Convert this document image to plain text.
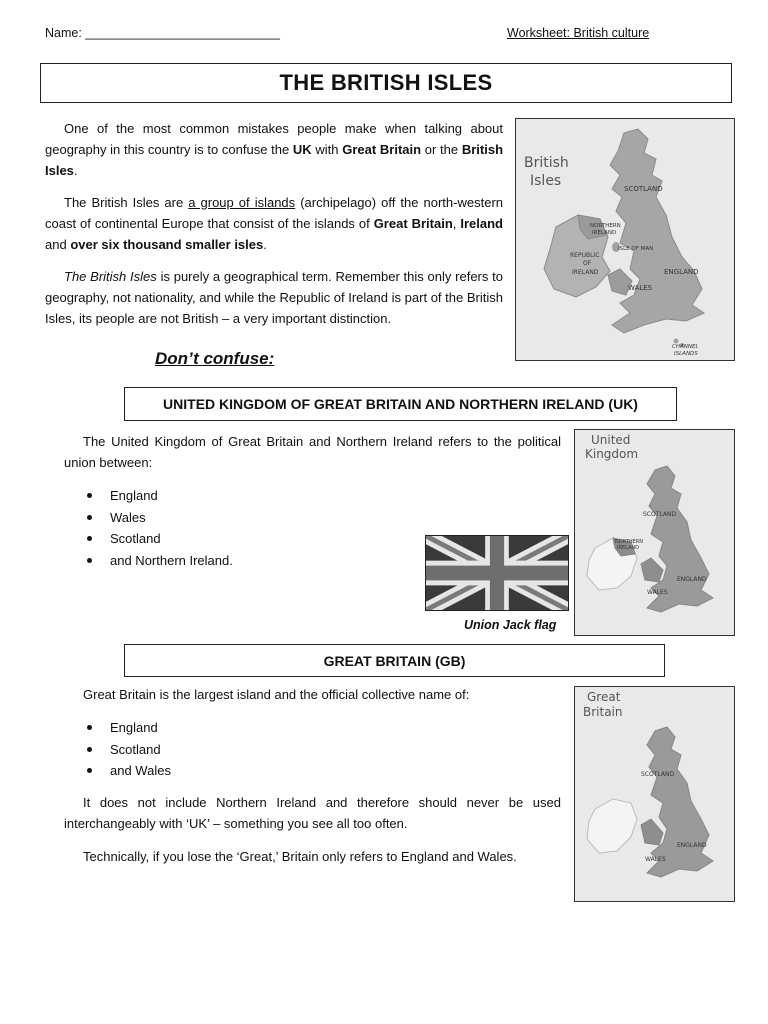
Name: ____________________________	Worksheet: British culture
THE BRITISH ISLES

One of the most common mistakes people make when talking about geography in this country is to confuse the UK with Great Britain or the British Isles.

The British Isles are a group of islands (archipelago) off the north-western coast of continental Europe that consist of the islands of Great Britain, Ireland and over six thousand smaller isles.

The British Isles is purely a geographical term. Remember this only refers to geography, not nationality, and while the Republic of Ireland is part of the British Isles, its people are not British – a very important distinction.

Don’t confuse:
British
Isles	SCOTLAND
NORTHERN
IRELAND
ISLE OF MAN
REPUBLIC
OF
IRELAND	ENGLAND
WALES
CHANNEL
ISLANDS
UNITED KINGDOM OF GREAT BRITAIN AND NORTHERN IRELAND (UK)

The United Kingdom of Great Britain and Northern Ireland refers to the political union between:

England
Wales
Scotland
and Northern Ireland.
Union Jack flag
United
Kingdom
SCOTLAND
NORTHERN
IRELAND
ENGLAND
WALES
GREAT BRITAIN (GB)

Great Britain is the largest island and the official collective name of:

England
Scotland
and Wales

It does not include Northern Ireland and therefore should never be used interchangeably with ‘UK’ – something you see all too often.

Technically, if you lose the ‘Great,’ Britain only refers to England and Wales.

Great
Britain
SCOTLAND
ENGLAND
WALES
